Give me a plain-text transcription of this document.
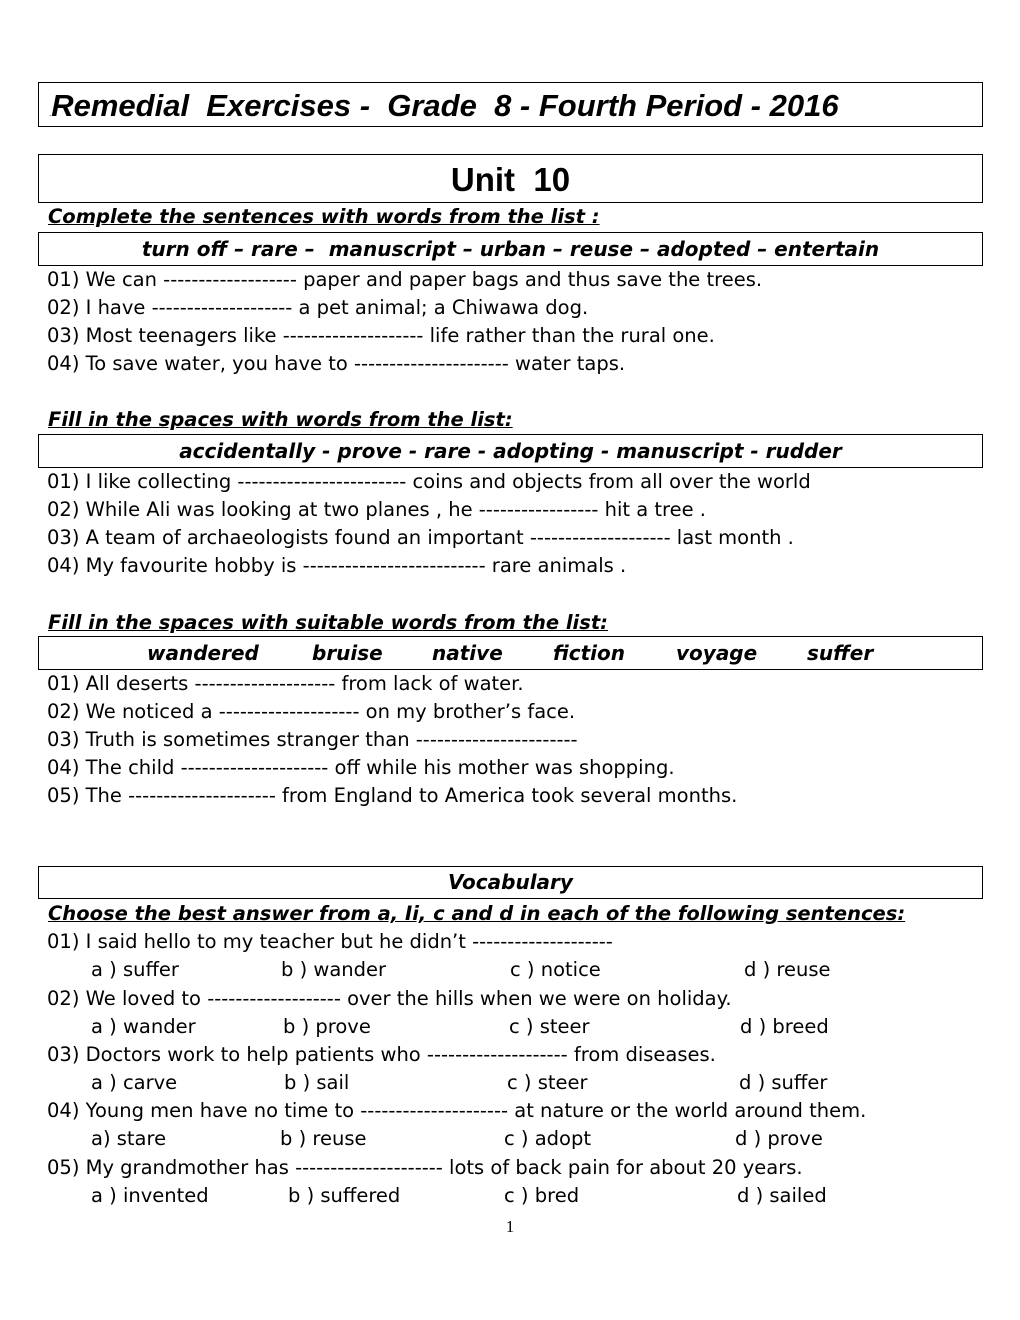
.Remedial  Exercises -  Grade  8 - Fourth Period - 2016
Unit  10
Complete the sentences with words from the list :
turn off – rare –  manuscript – urban – reuse – adopted – entertain
01) We can ------------------- paper and paper bags and thus save the trees.
02) I have -------------------- a pet animal; a Chiwawa dog.
03) Most teenagers like -------------------- life rather than the rural one.
04) To save water, you have to ---------------------- water taps.
Fill in the spaces with words from the list:
accidentally - prove - rare - adopting - manuscript - rudder
01) I like collecting ------------------------ coins and objects from all over the world
02) While Ali was looking at two planes , he ----------------- hit a tree .
03) A team of archaeologists found an important -------------------- last month .
04) My favourite hobby is -------------------------- rare animals .
Fill in the spaces with suitable words from the list:
wandered	bruise native	fiction	voyage suffer
01) All deserts -------------------- from lack of water.
02) We noticed a -------------------- on my brother’s face.
03) Truth is sometimes stranger than -----------------------
04) The child --------------------- off while his mother was shopping.
05) The --------------------- from England to America took several months.
Vocabulary
Choose the best answer from a, Ii, c and d in each of the following sentences:
01) I said hello to my teacher but he didn’t --------------------
a ) suffer	b ) wander	c ) notice	d ) reuse
02) We loved to ------------------- over the hills when we were on holiday.
a ) wander	b ) prove	c ) steer	d ) breed
03) Doctors work to help patients who -------------------- from diseases.
a ) carve	b ) sail	c ) steer	d ) suffer
04) Young men have no time to --------------------- at nature or the world around them.
a) stare	b ) reuse	c ) adopt	d ) prove
05) My grandmother has --------------------- lots of back pain for about 20 years.
a ) invented	b ) suffered	c ) bred	d ) sailed
1
